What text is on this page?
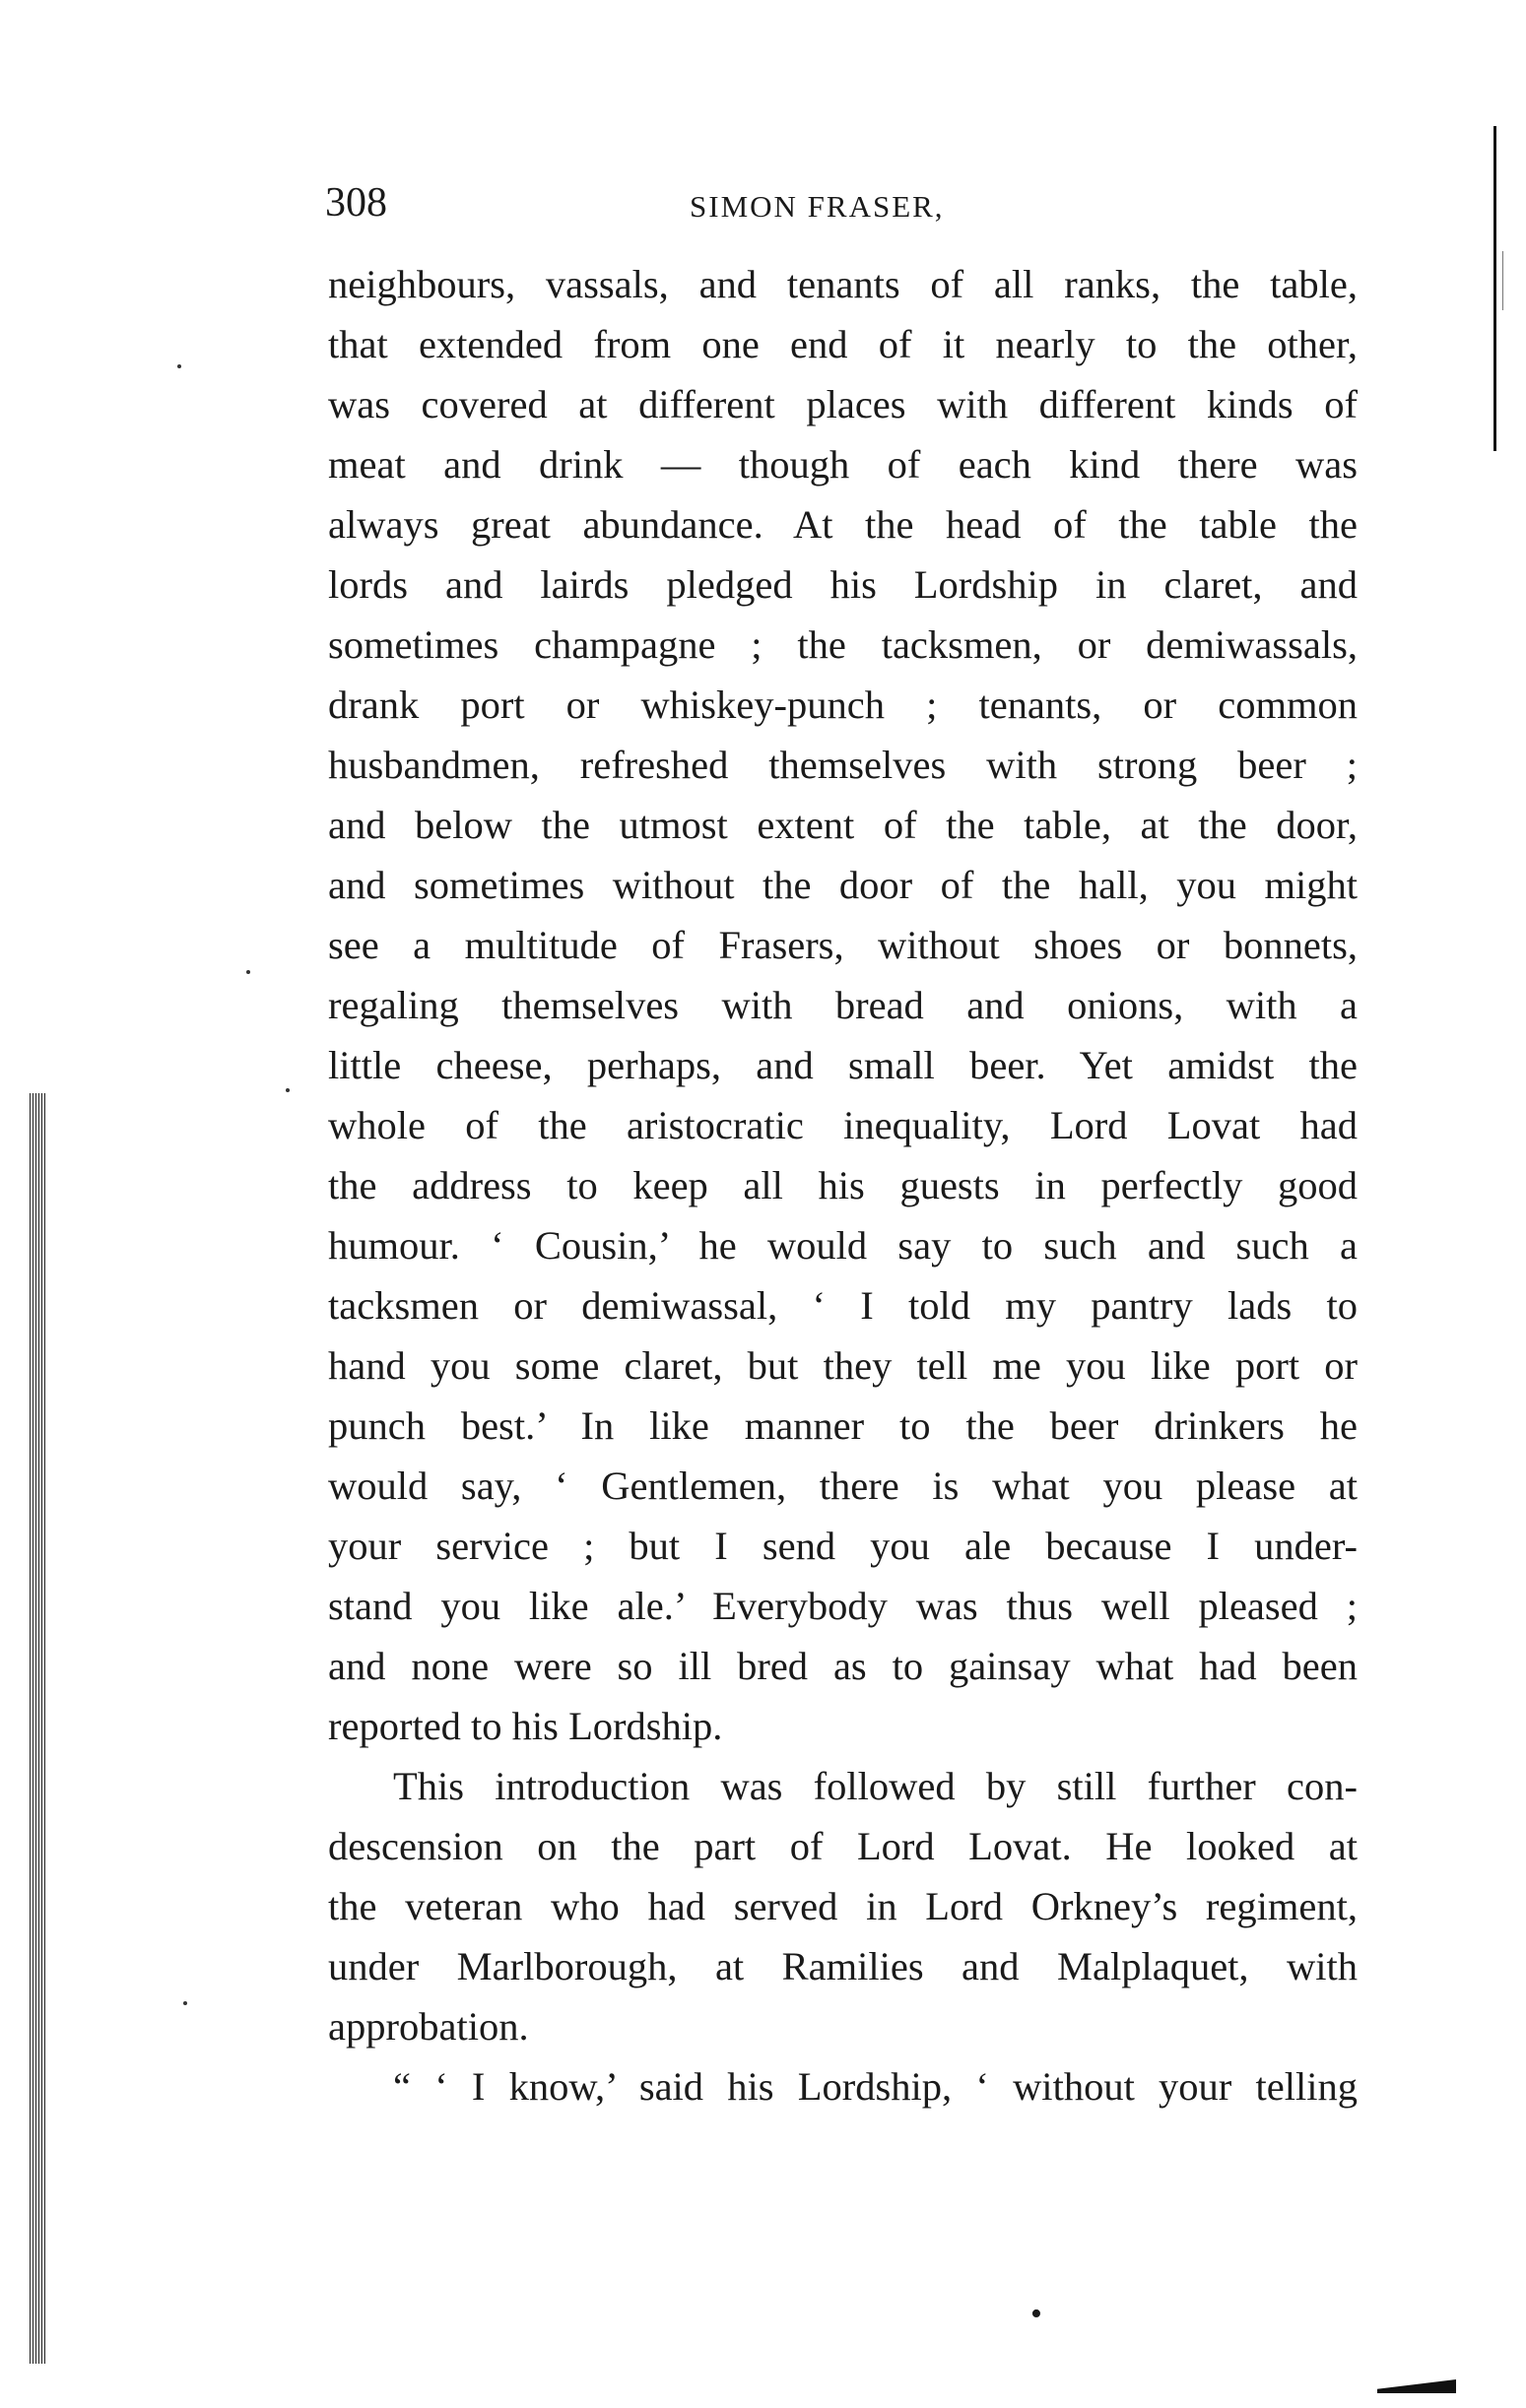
308	SIMON FRASER,
neighbours, vassals, and tenants of all ranks, the table,
that extended from one end of it nearly to the other,
was covered at different places with different kinds of
meat and drink — though of each kind there was
always great abundance. At the head of the table the
lords and lairds pledged his Lordship in claret, and
sometimes champagne ; the tacksmen, or demiwassals,
drank port or whiskey-punch ; tenants, or common
husbandmen, refreshed themselves with strong beer ;
and below the utmost extent of the table, at the door,
and sometimes without the door of the hall, you might
see a multitude of Frasers, without shoes or bonnets,
regaling themselves with bread and onions, with a
little cheese, perhaps, and small beer. Yet amidst the
whole of the aristocratic inequality, Lord Lovat had
the address to keep all his guests in perfectly good
humour. ‘ Cousin,’ he would say to such and such a
tacksmen or demiwassal, ‘ I told my pantry lads to
hand you some claret, but they tell me you like port or
punch best.’ In like manner to the beer drinkers he
would say, ‘ Gentlemen, there is what you please at
your service ; but I send you ale because I under-
stand you like ale.’ Everybody was thus well pleased ;
and none were so ill bred as to gainsay what had been
reported to his Lordship.
This introduction was followed by still further con-
descension on the part of Lord Lovat. He looked at
the veteran who had served in Lord Orkney’s regiment,
under Marlborough, at Ramilies and Malplaquet, with
approbation.
“ ‘ I know,’ said his Lordship, ‘ without your telling
•
